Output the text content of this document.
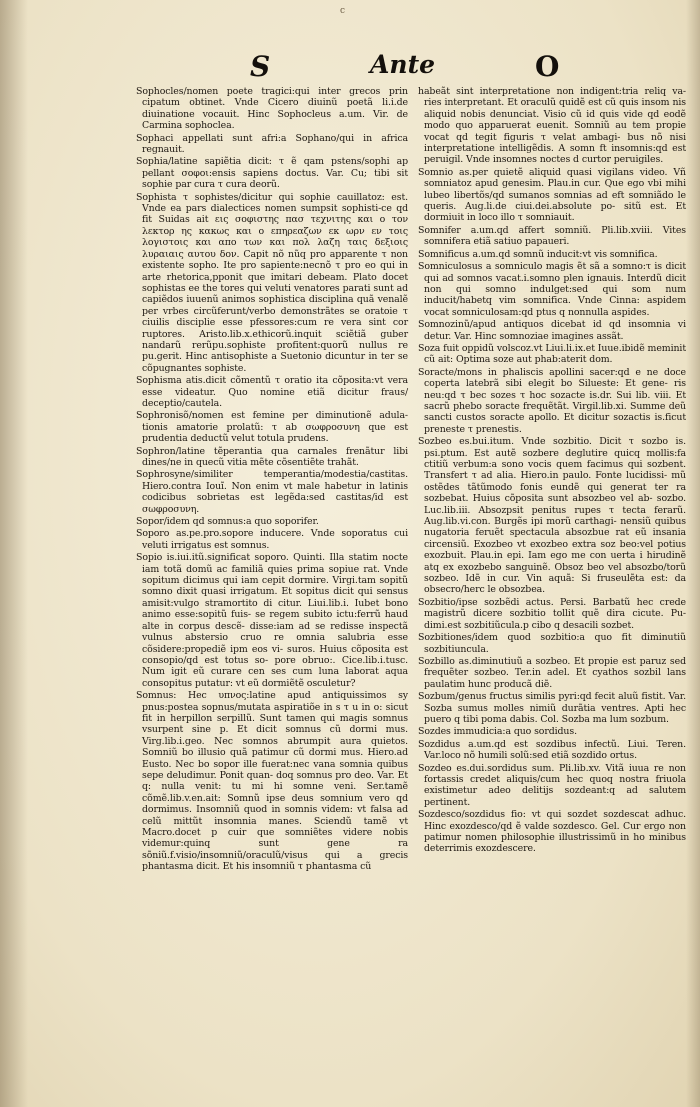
c
S	Ante	O

Sophocles/nomen poete tragici:qui inter grecos prin cipatum obtinet. Vnde Cicero diuinũ poetã li.i.de diuinatione vocauit. Hinc Sophocleus a.um. Vir. de Carmina sophoclea.

Sophaci appellati sunt afri:a Sophano/qui in africa regnauit.

Sophia/latine sapiẽtia dicit: τ ẽ qam pstens/sophi ap pellant σοφοι:ensis sapiens doctus. Var. Cu; tibi sit sophie par cura τ cura deorũ.

Sophista τ sophistes/dicitur qui sophie cauillatoz: est. Vnde ea pars dialectices nomen sumpsit sophisti-ce qd fit Suidas ait εις σοφιστης πασ τεχνιτης και ο τον λεκτορ ης κακως και ο επηρεαζων εκ ωρν εν τοις λογιστοις και απο των και πολ λαζη ταις δεξιοις λυραιαις αυτου δον. Capit nõ nũq pro apparente τ non existente sopho. Ite pro sapiente:necnõ τ pro eo qui in arte rhetorica,pponit que imitari debeam. Plato docet sophistas ee the tores qui veluti venatores parati sunt ad capiẽdos iuuenũ animos sophistica disciplina quã venalẽ per vrbes circũferunt/verbo demonstrãtes se oratoie τ ciuilis disciplie esse pfessores:cum re vera sint cor ruptores. Aristo.lib.x.ethicorũ.inquit sciẽtiã guber nandarũ rerũpu.sophiste profitent:quorũ nullus re pu.gerit. Hinc antisophiste a Suetonio dicuntur in ter se cõpugnantes sophiste.

Sophisma atis.dicit cõmentũ τ oratio ita cõposita:vt vera esse videatur. Quo nomine etiã dicitur fraus/ deceptio/cautela.

Sophronisõ/nomen est femine per diminutionẽ adula- tionis amatorie prolatũ: τ ab σωφροσυνη que est prudentia deductũ velut totula prudens.

Sophron/latine tẽperantia qua carnales frenãtur libi dines/ne in quecũ vitia mẽte cõsentiẽte trahãt.

Sophrosyne/similiter temperantia/modestia/castitas. Hiero.contra Iouĩ. Non enim vt male habetur in latinis codicibus sobrietas est legẽda:sed castitas/id est σωφροσυνη.

Sopor/idem qd somnus:a quo soporifer.

Soporo as.pe.pro.sopore inducere. Vnde soporatus cui veluti irrigatus est somnus.

Sopio is.iui.itũ.significat soporo. Quinti. Illa statim nocte iam totã domũ ac familiã quies prima sopiue rat. Vnde sopitum dicimus qui iam cepit dormire. Virgi.tam sopitũ somno dixit quasi irrigatum. Et sopitus dicit qui sensus amisit:vulgo stramortito di citur. Liui.lib.i. Iubet bono animo esse:sopitũ fuis- se regem subito ictu:ferrũ haud alte in corpus descẽ- disse:iam ad se redisse inspectã vulnus abstersio cruo re omnia salubria esse cõsidere:propediẽ ipm eos vi- suros. Huius cõposita est consopio/qd est totus so- pore obruo:. Cice.lib.i.tusc. Num igit eũ curare cen ses cum luna laborat aqua consopitus putatur: vt eũ dormiẽtẽ osculetur?

Somnus: Hec υπνος:latine apud antiquissimos sy pnus:postea sopnus/mutata aspiratiõe in s τ u in o: sicut fit in herpillon serpillũ. Sunt tamen qui magis somnus vsurpent sine p. Et dicit somnus cũ dormi mus. Virg.lib.i.geo. Nec somnos abrumpit aura quietos. Somniũ bo illusio quã patimur cũ dormi mus. Hiero.ad Eusto. Nec bo sopor ille fuerat:nec vana somnia quibus sepe deludimur. Ponit quan- doq somnus pro deo. Var. Et q: nulla venit: tu mi hi somne veni. Ser.tamẽ cõmẽ.lib.v.en.ait: Somnũ ipse deus somnium vero qd dormimus. Insomniũ quod in somnis videm: vt falsa ad celũ mittũt insomnia manes. Sciendũ tamẽ vt Macro.docet p cuir que somniẽtes videre nobis videmur:quinq sunt gene ra sõniũ.f.visio/insomniũ/oraculũ/visus qui a grecis phantasma dicit. Et his insomniũ τ phantasma cũ

habeãt sint interpretatione non indigent:tria reliq va- ries interpretant. Et oraculũ quidẽ est cũ quis insom nis aliquid nobis denunciat. Visio cũ id quis vide qd eodẽ modo quo apparuerat euenit. Somniũ au tem propie vocat qd tegit figuris τ velat ambagi- bus nõ nisi interpretatione intelligẽdis. A somn ft insomnis:qd est peruigil. Vnde insomnes noctes d curtor peruigiles.

Somnio as.per quietẽ aliquid quasi vigilans video. Vñ somniatoz apud genesim. Plau.in cur. Que ego vbi mihi lubeo libertõs/qd sumanos somnias ad eft somniãdo le queris. Aug.li.de ciui.dei.absolute po- sitũ est. Et dormiuit in loco illo τ somniauit.

Somnifer a.um.qd affert somniũ. Pli.lib.xviii. Vites somnifera etiã satiuo papaueri.

Somnificus a.um.qd somnũ inducit:vt vis somnifica.

Somniculosus a somniculo magis ẽt sã a somno:τ is dicit qui ad somnos vacat.i.somno plen ignauis. Interdũ dicit non qui somno indulget:sed qui som num inducit/habetq vim somnifica. Vnde Cinna: aspidem vocat somniculosam:qd ptus q nonnulla aspides.

Somnozinũ/apud antiquos dicebat id qd insomnia vi detur. Var. Hinc somnoziae imagines assãt.

Soza fuit oppidũ volscoz.vt Liui.li.ix.et Iuue.ibidẽ meminit cũ ait: Optima soze aut phab:aterit dom.

Soracte/mons in phaliscis apollini sacer:qd e ne doce coperta latebrã sibi elegit bo Silueste: Et gene- ris neu:qd τ bec sozes τ hoc sozacte is.dr. Sui lib. viii. Et sacrũ phebo soracte frequẽtãt. Virgil.lib.xi. Summe deũ sancti custos soracte apollo. Et dicitur sozactis is.ficut preneste τ prenestis.

Sozbeo es.bui.itum. Vnde sozbitio. Dicit τ sozbo is. psi.ptum. Est autẽ sozbere deglutire quicq mollis:fa ctitiũ verbum:a sono vocis quem facimus qui sozbent. Transfert τ ad alia. Hiero.in paulo. Fonte lucidissi- mũ ostẽdes tãtũmodo fonis eundẽ qui generat ter ra sozbebat. Huius cõposita sunt absozbeo vel ab- sozbo. Luc.lib.iii. Absozpsit penitus rupes τ tecta ferarũ. Aug.lib.vi.con. Burgẽs ipi morũ carthagi- nensiũ quibus nugatoria feruẽt spectacula absozbue rat eũ insania circensiũ. Exozbeo vt exozbeo extra soz beo:vel potius exozbuit. Plau.in epi. Iam ego me con uerta i hirudinẽ atq ex exozbebo sanguinẽ. Obsoz beo vel absozbo/torũ sozbeo. Idẽ in cur. Vin aquã: Si fruseulẽta est: da obsecro/herc le obsozbea.

Sozbitio/ipse sozbẽdi actus. Persi. Barbatũ hec crede magistrũ dicere sozbitio tollit quẽ dira cicute. Pu- dimi.est sozbitiũcula.p cibo q desacili sozbet.

Sozbitiones/idem quod sozbitio:a quo fit diminutiũ sozbitiuncula.

Sozbillo as.diminutiuũ a sozbeo. Et propie est paruz sed frequẽter sozbeo. Ter.in adel. Et cyathos sozbil lans paulatim hunc producã diẽ.

Sozbum/genus fructus similis pyri:qd fecit aluũ fistit. Var. Sozba sumus molles nimiũ durãtia ventres. Apti hec puero q tibi poma dabis. Col. Sozba ma lum sozbum.

Sozdes immudicia:a quo sordidus.

Sozdidus a.um.qd est sozdibus infectũ. Liui. Teren. Var.loco nõ humili solũ:sed etiã sozdido ortus.

Sozdeo es.dui.sordidus sum. Pli.lib.xv. Vitã iuua re non fortassis credet aliquis/cum hec quoq nostra friuola existimetur adeo delitijs sozdeant:q ad salutem pertinent.

Sozdesco/sozdidus fio: vt qui sozdet sozdescat adhuc. Hinc exozdesco/qd ẽ valde sozdesco. Gel. Cur ergo non patimur nomen philosophie illustrissimũ in ho minibus deterrimis exozdescere.
